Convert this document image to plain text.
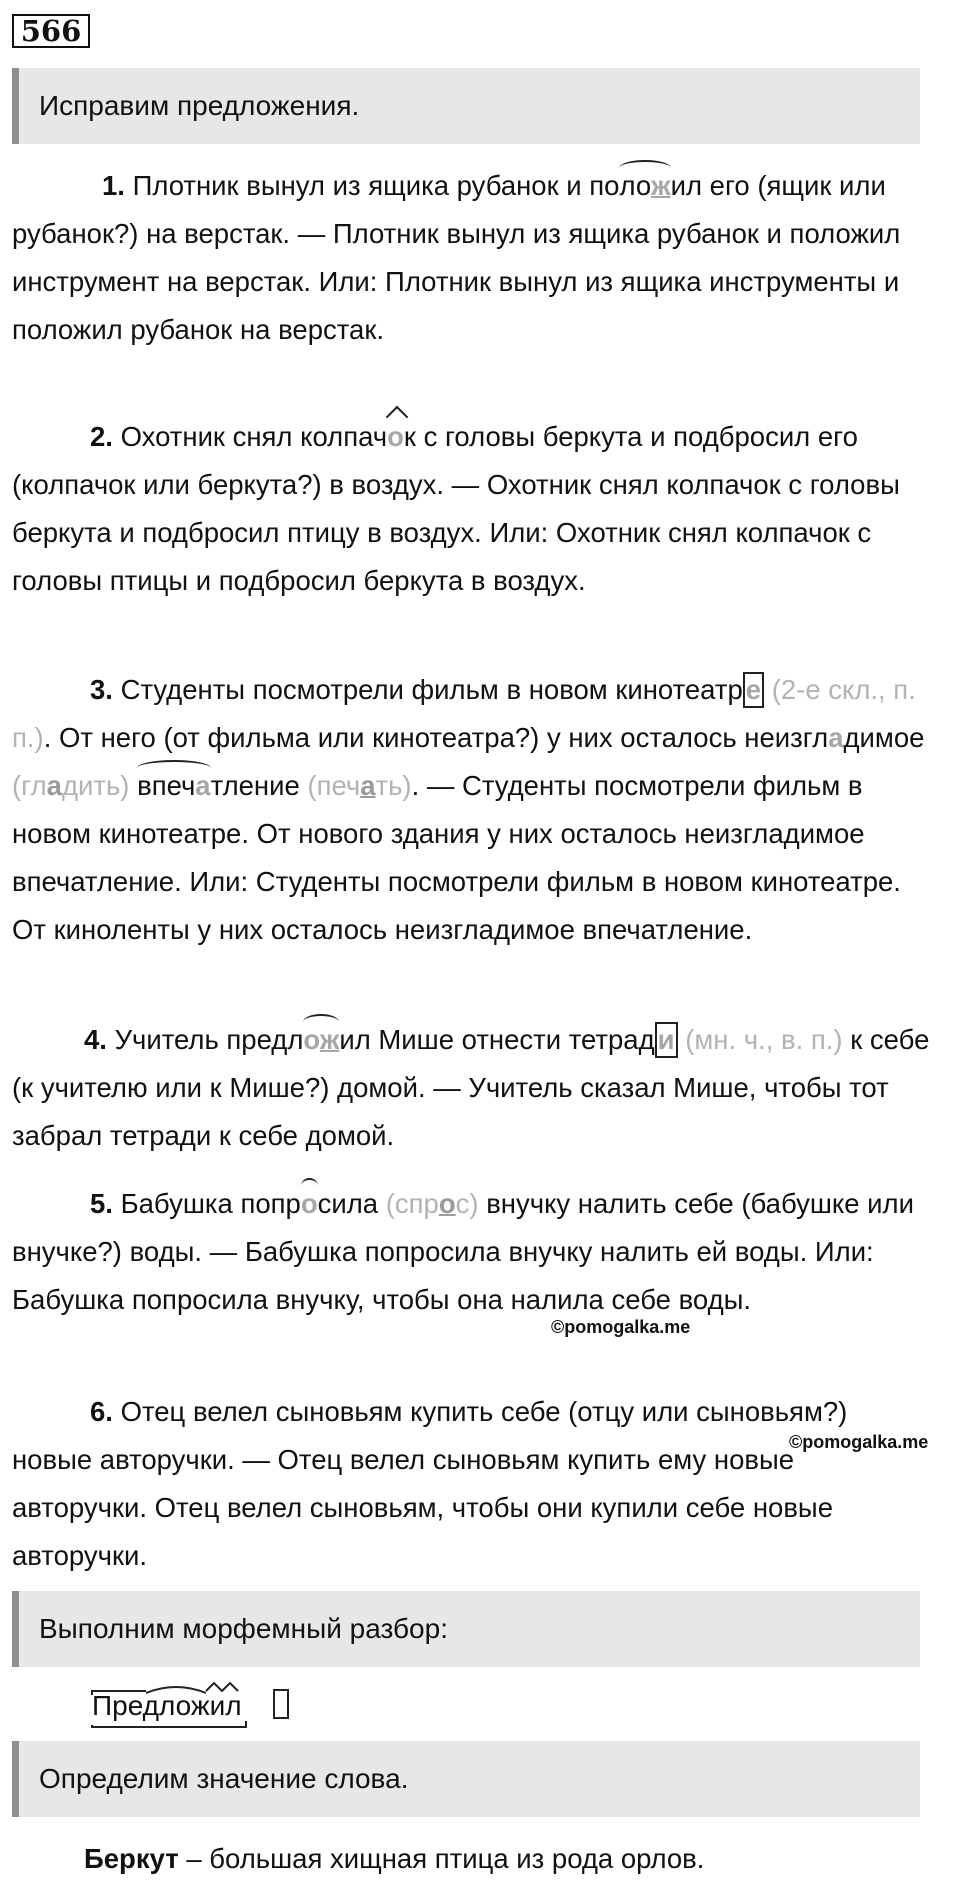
566
Исправим предложения.
1. Плотник вынул из ящика рубанок и положил его (ящик или рубанок?) на верстак. — Плотник вынул из ящика рубанок и положил инструмент на верстак. Или: Плотник вынул из ящика инструменты и положил рубанок на верстак.
2. Охотник снял колпачок с головы беркута и подбросил его (колпачок или беркута?) в воздух. — Охотник снял колпачок с головы беркута и подбросил птицу в воздух. Или: Охотник снял колпачок с головы птицы и подбросил беркута в воздух.
3. Студенты посмотрели фильм в новом кинотеатр е (2-е скл., п. п.). От него (от фильма или кинотеатра?) у них осталось неизгладимое (гладить) впечатление (печать). — Студенты посмотрели фильм в новом кинотеатре. От нового здания у них осталось неизгладимое впечатление. Или: Студенты посмотрели фильм в новом кинотеатре. От киноленты у них осталось неизгладимое впечатление.
4. Учитель предложил Мише отнести тетрад и (мн. ч., в. п.) к себе (к учителю или к Мише?) домой. — Учитель сказал Мише, чтобы тот забрал тетради к себе домой.
5. Бабушка попросила (спрос) внучку налить себе (бабушке или внучке?) воды. — Бабушка попросила внучку налить ей воды. Или: Бабушка попросила внучку, чтобы она налила себе воды.
©pomogalka.me
6. Отец велел сыновьям купить себе (отцу или сыновьям?) новые авторучки. — Отец велел сыновьям купить ему новые авторучки. Отец велел сыновьям, чтобы они купили себе новые авторучки.
©pomogalka.me
Выполним морфемный разбор:
Предложил
Определим значение слова.
Беркут – большая хищная птица из рода орлов.
